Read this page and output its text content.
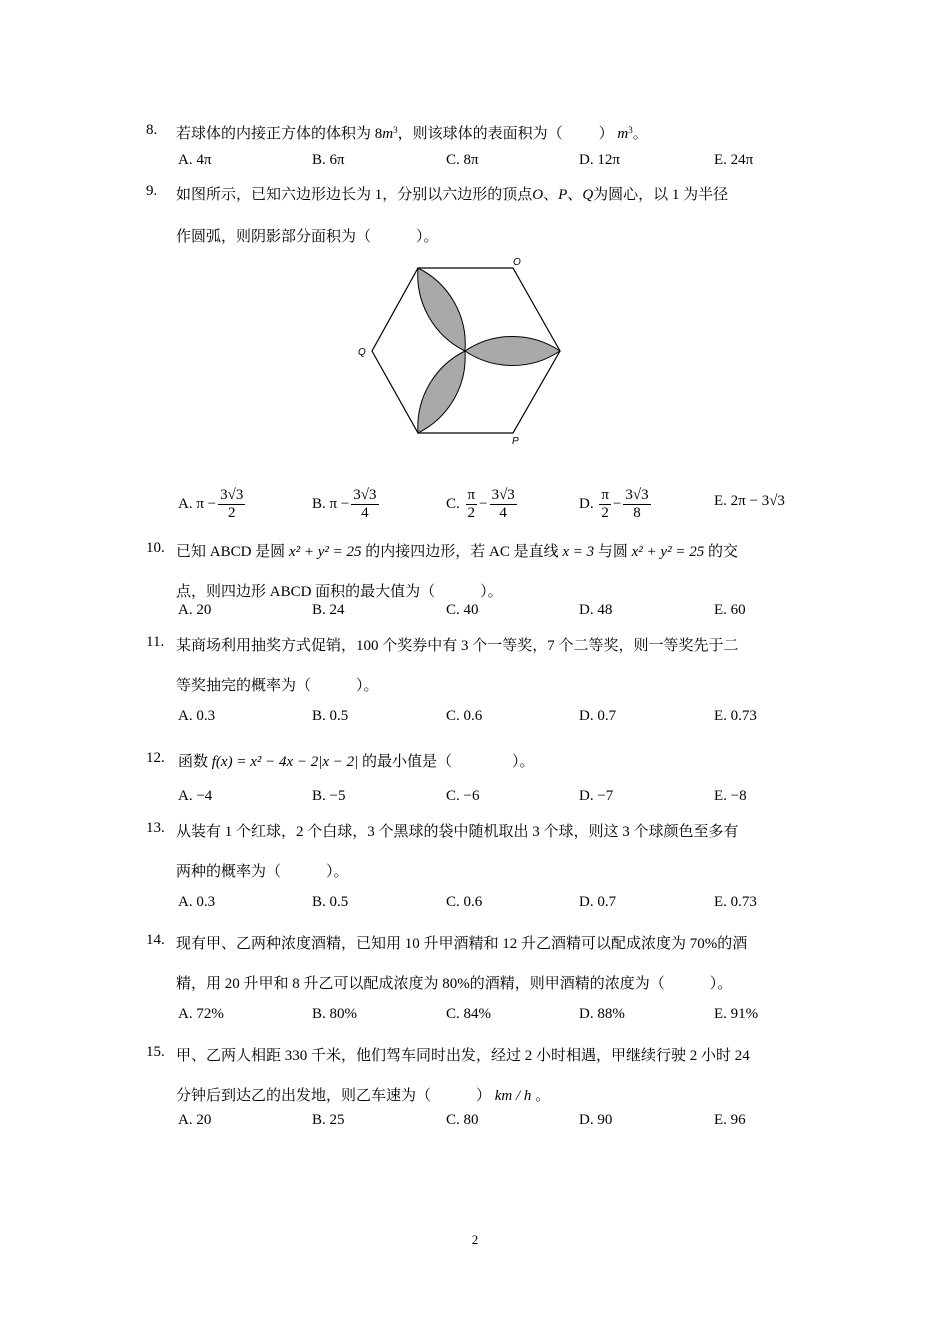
8. 若球体的内接正方体的体积为 $8m^3$，则该球体的表面积为（ ） $m^3$。
A. 4π	B. 6π	C. 8π	D. 12π	E. 24π
9. 如图所示，已知六边形边长为 1，分别以六边形的顶点O、P、Q为圆心，以 1 为半径
作圆弧，则阴影部分面积为（　　　）。
O
P
Q
A. $\pi - \frac{3√3}{2}$	B. $\pi - \frac{3√3}{4}$	C. $\frac{\pi}{2} - \frac{3√3}{4}$	D. $\frac{\pi}{2} - \frac{3√3}{8}$	E. 2π − 3√3
10. 已知 ABCD 是圆 x² + y² = 25 的内接四边形，若 AC 是直线 x = 3 与圆 x² + y² = 25 的交
点，则四边形 ABCD 面积的最大值为（　　　）。
A. 20	B. 24	C. 40	D. 48	E. 60
11. 某商场利用抽奖方式促销，100 个奖券中有 3 个一等奖，7 个二等奖，则一等奖先于二
等奖抽完的概率为（　　　）。
A. 0.3	B. 0.5	C. 0.6	D. 0.7	E. 0.73
12. 函数 f(x) = x² − 4x − 2|x − 2| 的最小值是（　　　　）。
A. −4	B. −5	C. −6	D. −7	E. −8
13. 从装有 1 个红球，2 个白球，3 个黑球的袋中随机取出 3 个球，则这 3 个球颜色至多有
两种的概率为（　　　）。
A. 0.3	B. 0.5	C. 0.6	D. 0.7	E. 0.73
14. 现有甲、乙两种浓度酒精，已知用 10 升甲酒精和 12 升乙酒精可以配成浓度为 70%的酒
精，用 20 升甲和 8 升乙可以配成浓度为 80%的酒精，则甲酒精的浓度为（　　　）。
A. 72%	B. 80%	C. 84%	D. 88%	E. 91%
15. 甲、乙两人相距 330 千米，他们驾车同时出发，经过 2 小时相遇，甲继续行驶 2 小时 24
分钟后到达乙的出发地，则乙车速为（　　　） km / h 。
A. 20	B. 25	C. 80	D. 90	E. 96
2
